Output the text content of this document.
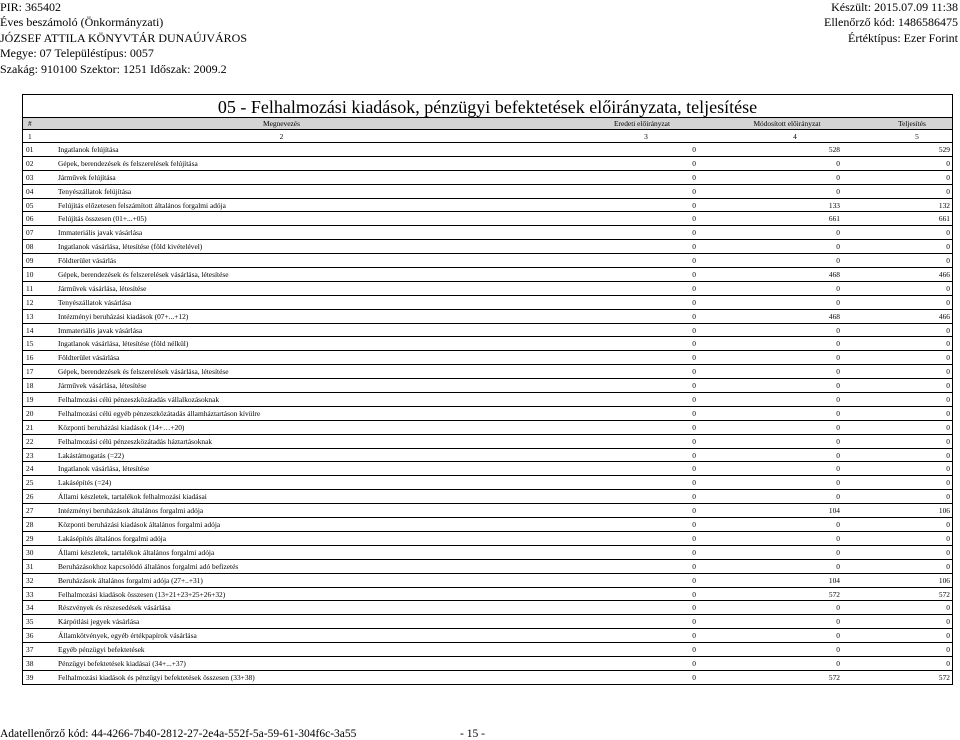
PIR: 365402
Éves beszámoló (Önkormányzati)
JÓZSEF ATTILA KÖNYVTÁR DUNAÚJVÁROS
Megye: 07 Településtípus: 0057
Szakág: 910100 Szektor: 1251 Időszak: 2009.2
Készült: 2015.07.09 11:38
Ellenőrző kód: 1486586475
Értéktípus: Ezer Forint
05 - Felhalmozási kiadások, pénzügyi befektetések előirányzata, teljesítése
#	Megnevezés	Eredeti előirányzat	Módosított előirányzat	Teljesítés
1	2	3	4	5
01	Ingatlanok felújítása	0	528	529
02	Gépek, berendezések és felszerelések felújítása	0	0	0
03	Járművek felújítása	0	0	0
04	Tenyészállatok felújítása	0	0	0
05	Felújítás előzetesen felszámított általános forgalmi adója	0	133	132
06	Felújítás összesen (01+...+05)	0	661	661
07	Immateriális javak vásárlása	0	0	0
08	Ingatlanok vásárlása, létesítése (föld kivételével)	0	0	0
09	Földterület vásárlás	0	0	0
10	Gépek, berendezések és felszerelések vásárlása, létesítése	0	468	466
11	Járművek vásárlása, létesítése	0	0	0
12	Tenyészállatok vásárlása	0	0	0
13	Intézményi beruházási kiadások (07+...+12)	0	468	466
14	Immateriális javak vásárlása	0	0	0
15	Ingatlanok vásárlása, létesítése (föld nélkül)	0	0	0
16	Földterület vásárlása	0	0	0
17	Gépek, berendezések és felszerelések vásárlása, létesítése	0	0	0
18	Járművek vásárlása, létesítése	0	0	0
19	Felhalmozási célú pénzeszközátadás vállalkozásoknak	0	0	0
20	Felhalmozási célú egyéb pénzeszközátadás államháztartáson kívülre	0	0	0
21	Központi beruházási kiadások (14+…+20)	0	0	0
22	Felhalmozási célú pénzeszközátadás háztartásoknak	0	0	0
23	Lakástámogatás (=22)	0	0	0
24	Ingatlanok vásárlása, létesítése	0	0	0
25	Lakásépítés (=24)	0	0	0
26	Állami készletek, tartalékok felhalmozási kiadásai	0	0	0
27	Intézményi beruházások általános forgalmi adója	0	104	106
28	Központi beruházási kiadások általános forgalmi adója	0	0	0
29	Lakásépítés általános forgalmi adója	0	0	0
30	Állami készletek, tartalékok általános forgalmi adója	0	0	0
31	Beruházásokhoz kapcsolódó általános forgalmi adó befizetés	0	0	0
32	Beruházások általános forgalmi adója (27+..+31)	0	104	106
33	Felhalmozási kiadások összesen (13+21+23+25+26+32)	0	572	572
34	Részvények és részesedések vásárlása	0	0	0
35	Kárpótlási jegyek vásárlása	0	0	0
36	Államkötvények, egyéb értékpapírok vásárlása	0	0	0
37	Egyéb pénzügyi befektetések	0	0	0
38	Pénzügyi befektetések kiadásai (34+...+37)	0	0	0
39	Felhalmozási kiadások és pénzügyi befektetések összesen (33+38)	0	572	572
Adatellenőrző kód: 44-4266-7b40-2812-27-2e4a-552f-5a-59-61-304f6c-3a55	- 15 -
